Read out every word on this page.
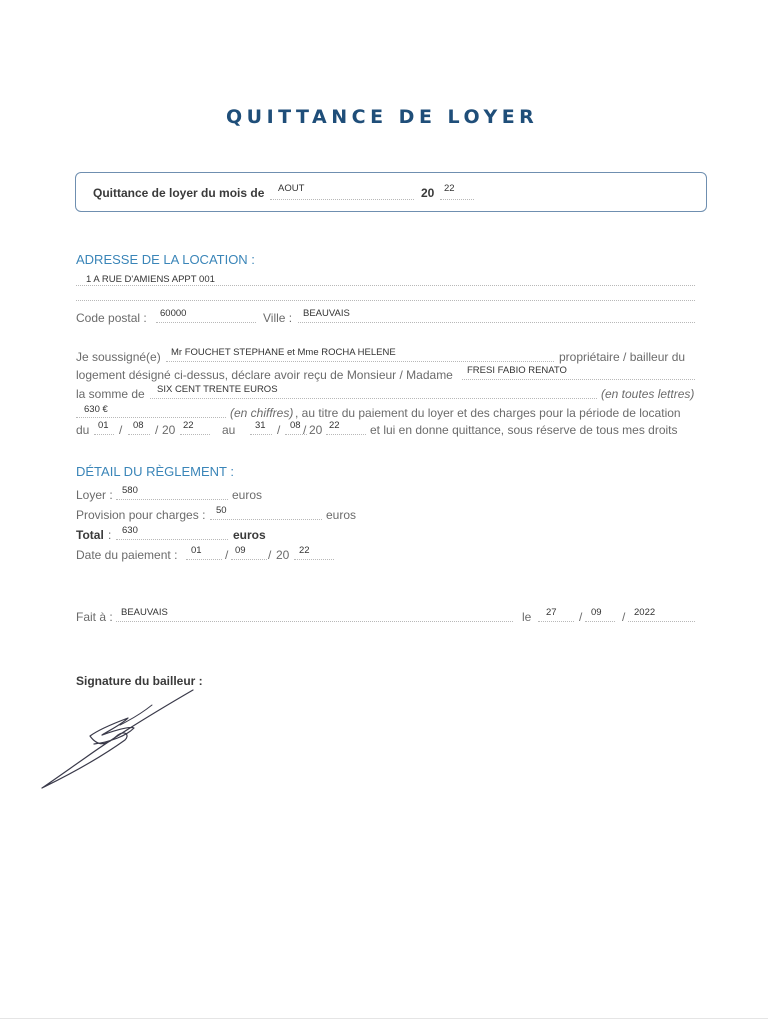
QUITTANCE DE LOYER
Quittance de loyer du mois de AOUT	20 22
ADRESSE DE LA LOCATION :
1 A RUE D'AMIENS APPT 001
Code postal : 60000	Ville : BEAUVAIS
Je soussigné(e) Mr FOUCHET STEPHANE et Mme ROCHA HELENE	propriétaire / bailleur du
logement désigné ci-dessus, déclare avoir reçu de Monsieur / Madame FRESI FABIO RENATO
la somme de SIX CENT TRENTE EUROS	(en toutes lettres)
630 €	(en chiffres) , au titre du paiement du loyer et des charges pour la période de location
du 01 / 08 / 20 22 au 31 / 08 / 20 22	et lui en donne quittance, sous réserve de tous mes droits
DÉTAIL DU RÈGLEMENT :
Loyer : 580	euros
Provision pour charges : 50	euros
Total : 630	euros
Date du paiement : 01 / 09 / 20 22
Fait à : BEAUVAIS	le 27 / 09 / 2022
Signature du bailleur :
